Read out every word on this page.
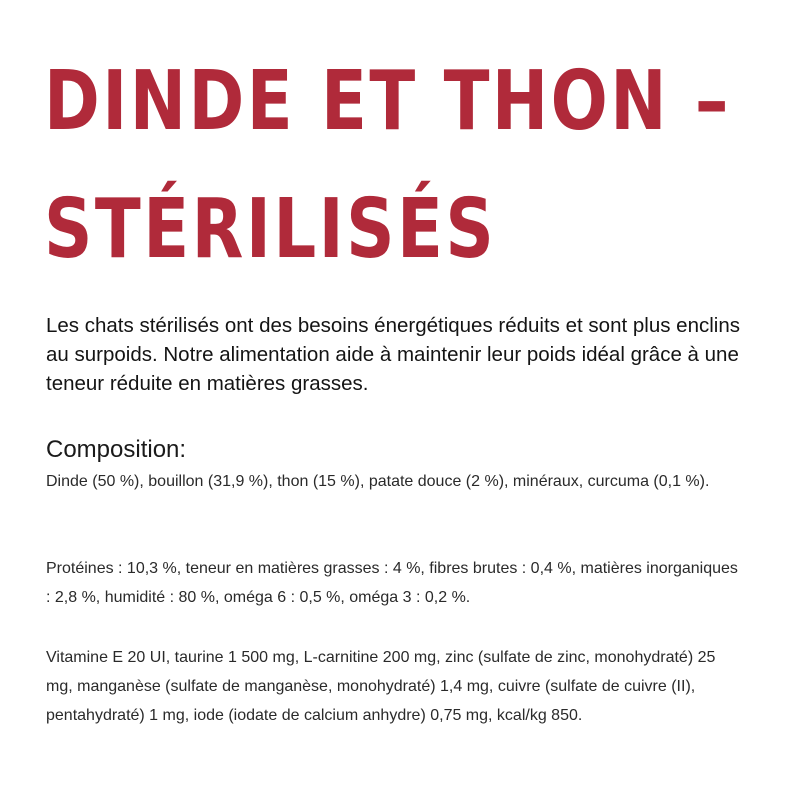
DINDE ET THON –
STÉRILISÉS

Les chats stérilisés ont des besoins énergétiques réduits et sont plus enclins au surpoids. Notre alimentation aide à maintenir leur poids idéal grâce à une teneur réduite en matières grasses.

Composition:

Dinde (50 %), bouillon (31,9 %), thon (15 %), patate douce (2 %), minéraux, curcuma (0,1 %).

Protéines : 10,3 %, teneur en matières grasses : 4 %, fibres brutes : 0,4 %, matières inorganiques : 2,8 %, humidité : 80 %, oméga 6 : 0,5 %, oméga 3 : 0,2 %.

Vitamine E 20 UI, taurine 1 500 mg, L-carnitine 200 mg, zinc (sulfate de zinc, monohydraté) 25 mg, manganèse (sulfate de manganèse, monohydraté) 1,4 mg, cuivre (sulfate de cuivre (II), pentahydraté) 1 mg, iode (iodate de calcium anhydre) 0,75 mg, kcal/kg 850.
